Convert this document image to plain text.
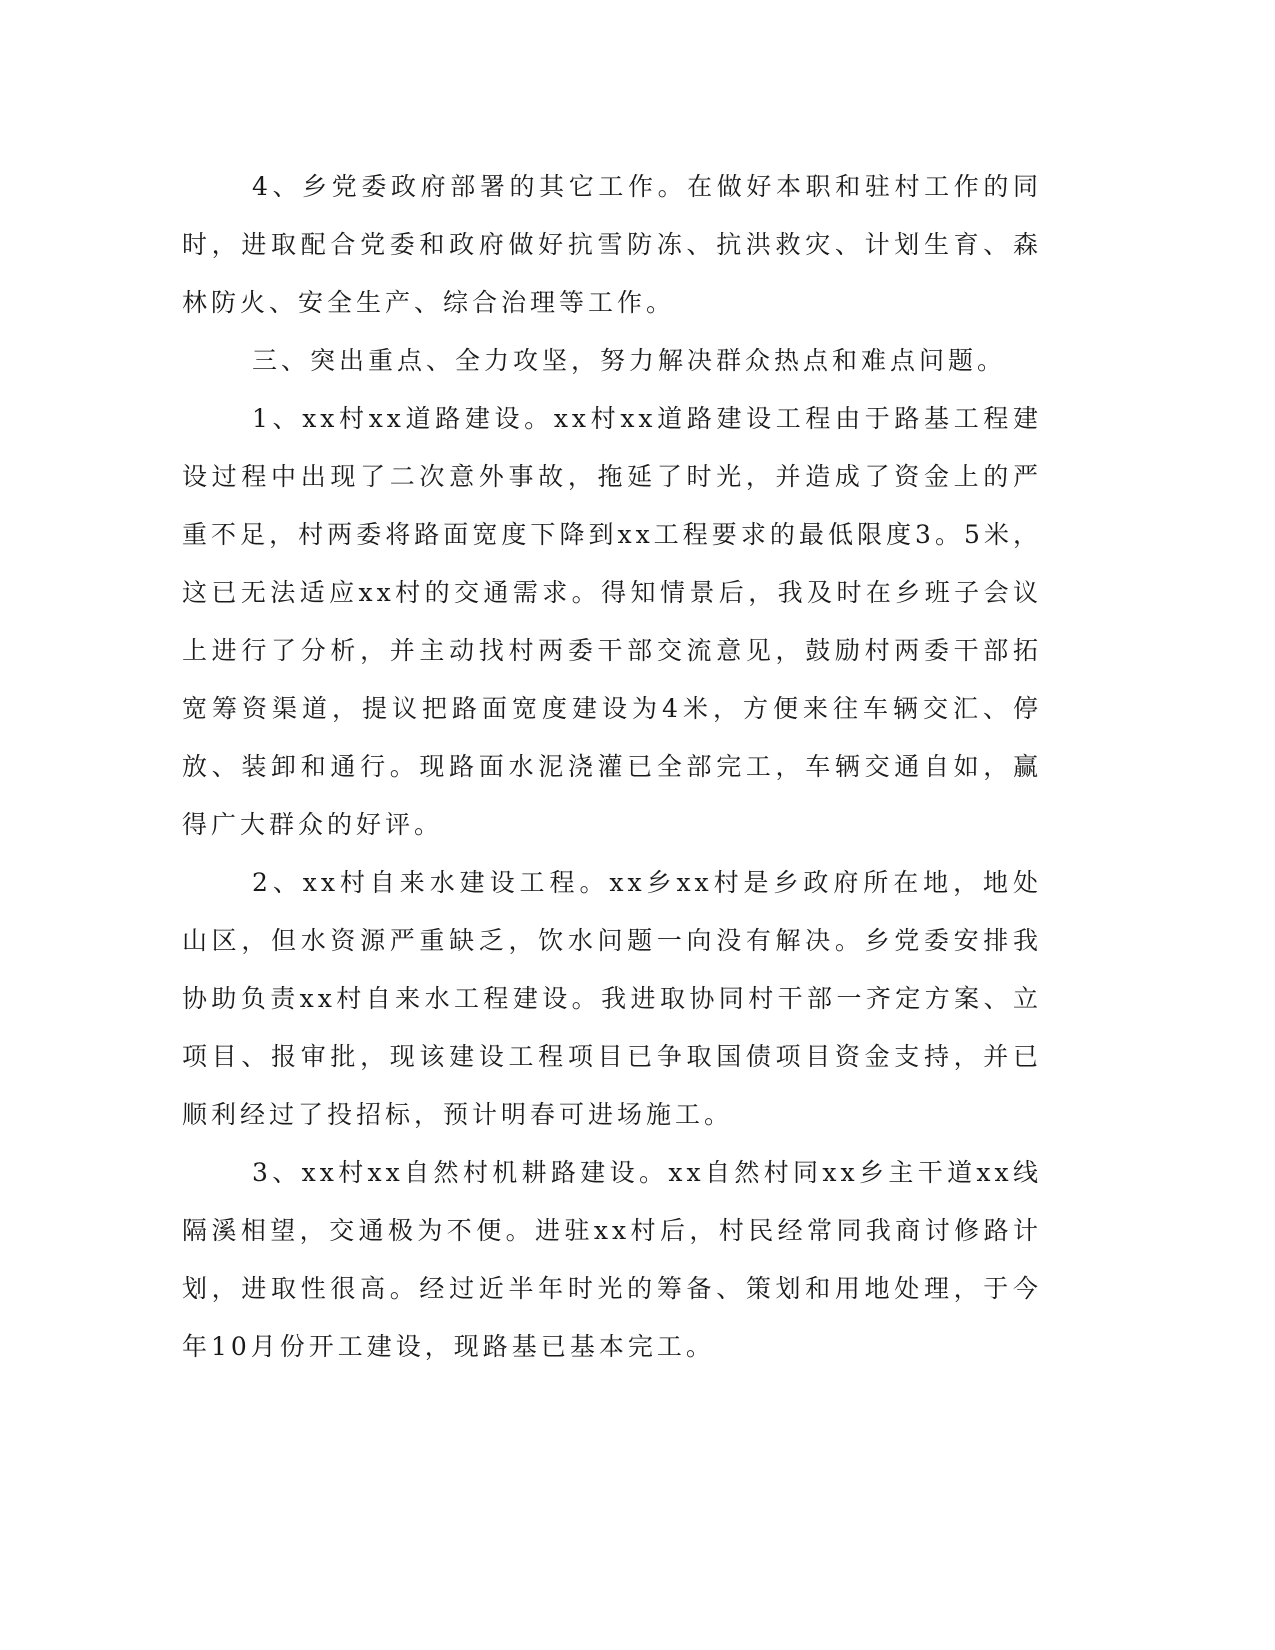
4、乡党委政府部署的其它工作。在做好本职和驻村工作的同时，进取配合党委和政府做好抗雪防冻、抗洪救灾、计划生育、森林防火、安全生产、综合治理等工作。

三、突出重点、全力攻坚，努力解决群众热点和难点问题。

1、xx村xx道路建设。xx村xx道路建设工程由于路基工程建设过程中出现了二次意外事故，拖延了时光，并造成了资金上的严重不足，村两委将路面宽度下降到xx工程要求的最低限度3。5米，这已无法适应xx村的交通需求。得知情景后，我及时在乡班子会议上进行了分析，并主动找村两委干部交流意见，鼓励村两委干部拓宽筹资渠道，提议把路面宽度建设为4米，方便来往车辆交汇、停放、装卸和通行。现路面水泥浇灌已全部完工，车辆交通自如，赢得广大群众的好评。

2、xx村自来水建设工程。xx乡xx村是乡政府所在地，地处山区，但水资源严重缺乏，饮水问题一向没有解决。乡党委安排我协助负责xx村自来水工程建设。我进取协同村干部一齐定方案、立项目、报审批，现该建设工程项目已争取国债项目资金支持，并已顺利经过了投招标，预计明春可进场施工。

3、xx村xx自然村机耕路建设。xx自然村同xx乡主干道xx线隔溪相望，交通极为不便。进驻xx村后，村民经常同我商讨修路计划，进取性很高。经过近半年时光的筹备、策划和用地处理，于今年10月份开工建设，现路基已基本完工。
